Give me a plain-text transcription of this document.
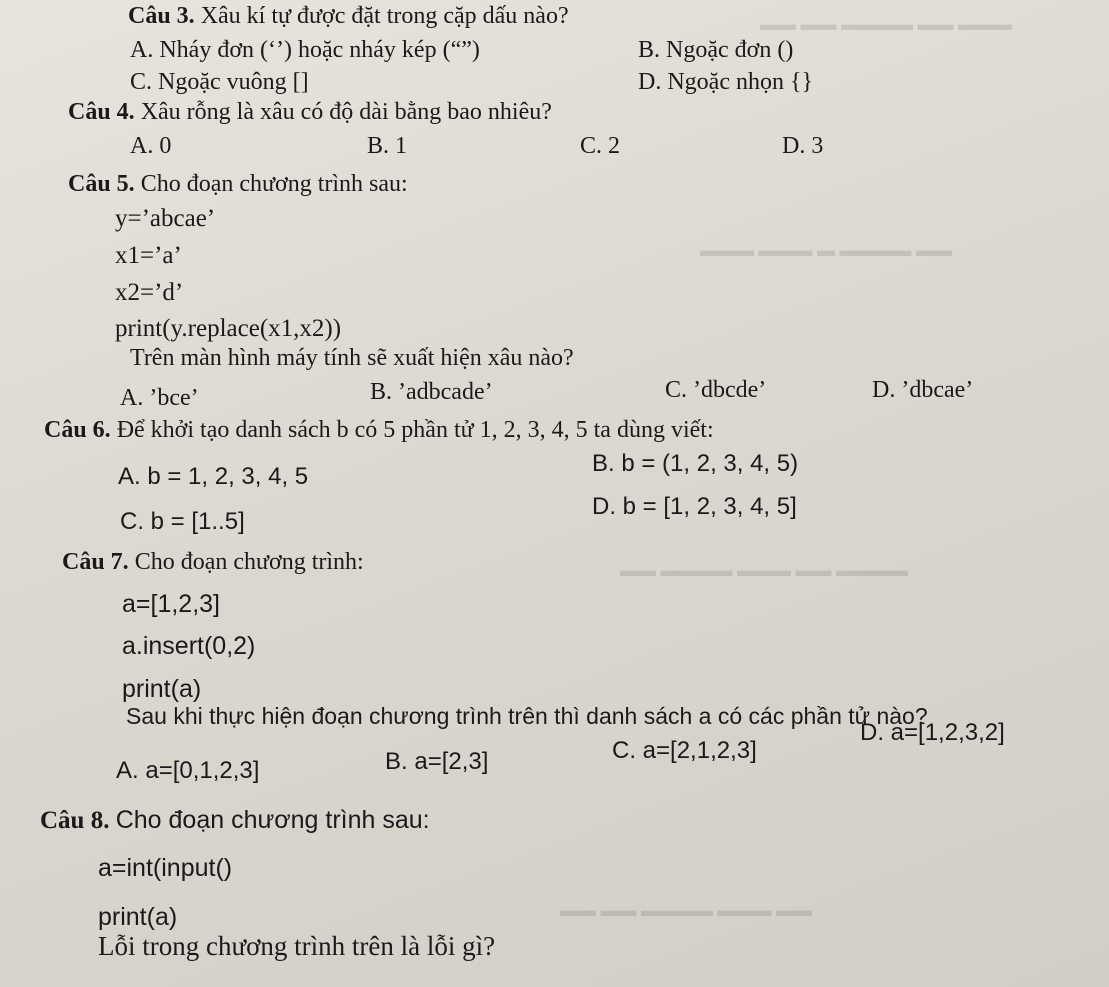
▬▬▬ ▬▬ ▬▬▬▬ ▬▬ ▬▬
▬▬ ▬▬▬▬ ▬ ▬▬▬ ▬▬▬
▬▬▬▬ ▬▬ ▬▬▬ ▬▬▬▬ ▬▬
▬▬ ▬▬▬ ▬▬▬▬ ▬▬ ▬▬
Câu 3. Xâu kí tự được đặt trong cặp dấu nào?
A. Nháy đơn (‘’) hoặc nháy kép (“”)	B. Ngoặc đơn ()
C. Ngoặc vuông []	D. Ngoặc nhọn {}
Câu 4. Xâu rỗng là xâu có độ dài bằng bao nhiêu?
A. 0	B. 1	C. 2	D. 3
Câu 5. Cho đoạn chương trình sau:
y=’abcae’
x1=’a’
x2=’d’
print(y.replace(x1,x2))
Trên màn hình máy tính sẽ xuất hiện xâu nào?
A. ’bce’	B. ’adbcade’	C. ’dbcde’	D. ’dbcae’
Câu 6. Để khởi tạo danh sách b có 5 phần tử 1, 2, 3, 4, 5 ta dùng viết:
A. b = 1, 2, 3, 4, 5	B. b = (1, 2, 3, 4, 5)
C. b = [1..5]
D. b = [1, 2, 3, 4, 5]
Câu 7. Cho đoạn chương trình:
a=[1,2,3]
a.insert(0,2)
print(a)
Sau khi thực hiện đoạn chương trình trên thì danh sách a có các phần tử nào?
A. a=[0,1,2,3]	B. a=[2,3]	C. a=[2,1,2,3]
D. a=[1,2,3,2]
Câu 8. Cho đoạn chương trình sau:
a=int(input()
print(a)
Lỗi trong chương trình trên là lỗi gì?
